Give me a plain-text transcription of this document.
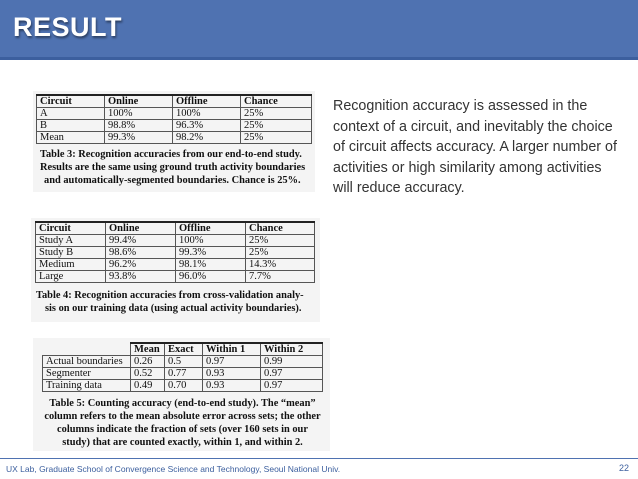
RESULT
Circuit	Online	Offline	Chance
A	100%	100%	25%
B	98.8%	96.3%	25%
Mean	99.3%	98.2%	25%
Table 3: Recognition accuracies from our end-to-end study.
Results are the same using ground truth activity boundaries
and automatically-segmented boundaries. Chance is 25%.
Circuit	Online	Offline	Chance
Study A	99.4%	100%	25%
Study B	98.6%	99.3%	25%
Medium	96.2%	98.1%	14.3%
Large	93.8%	96.0%	7.7%
Table 4: Recognition accuracies from cross-validation analy-
sis on our training data (using actual activity boundaries).
	Mean	Exact	Within 1	Within 2
Actual boundaries	0.26	0.5	0.97	0.99
Segmenter	0.52	0.77	0.93	0.97
Training data	0.49	0.70	0.93	0.97
Table 5: Counting accuracy (end-to-end study). The “mean”
column refers to the mean absolute error across sets; the other
columns indicate the fraction of sets (over 160 sets in our
study) that are counted exactly, within 1, and within 2.
Recognition accuracy is assessed in the context of a circuit, and inevitably the choice of circuit affects accuracy. A larger number of activities or high similarity among activities will reduce accuracy.
UX Lab, Graduate School of Convergence Science and Technology, Seoul National Univ.	22
